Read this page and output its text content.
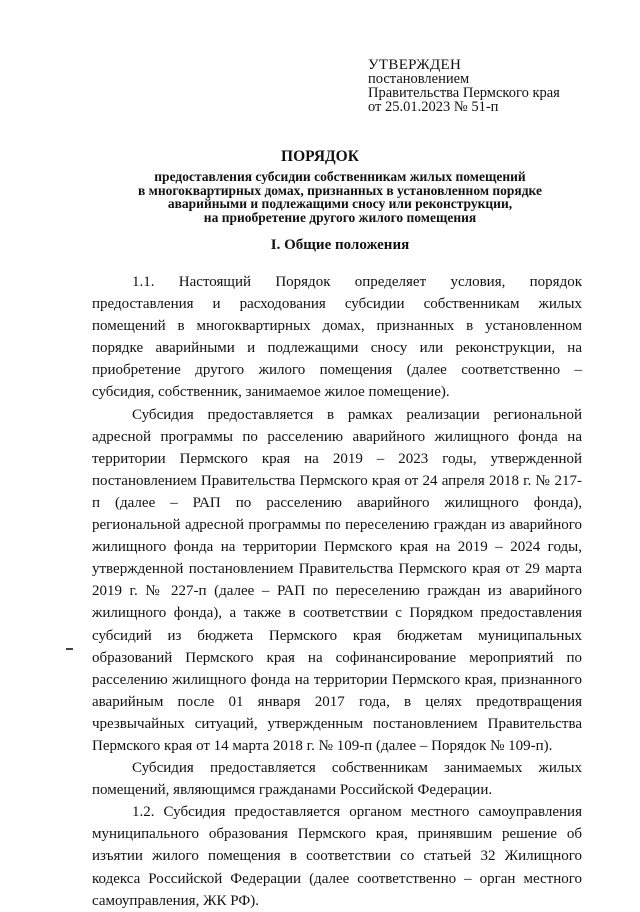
УТВЕРЖДЕН
постановлением
Правительства Пермского края
от 25.01.2023 № 51-п
ПОРЯДОК
предоставления субсидии собственникам жилых помещений
в многоквартирных домах, признанных в установленном порядке
аварийными и подлежащими сносу или реконструкции,
на приобретение другого жилого помещения
I. Общие положения

1.1. Настоящий Порядок определяет условия, порядок предоставления и расходования субсидии собственникам жилых помещений в многоквартирных домах, признанных в установленном порядке аварийными и подлежащими сносу или реконструкции, на приобретение другого жилого помещения (далее соответственно – субсидия, собственник, занимаемое жилое помещение).

Субсидия предоставляется в рамках реализации региональной адресной программы по расселению аварийного жилищного фонда на территории Пермского края на 2019 – 2023 годы, утвержденной постановлением Правительства Пермского края от 24 апреля 2018 г. № 217-п (далее – РАП по расселению аварийного жилищного фонда), региональной адресной программы по переселению граждан из аварийного жилищного фонда на территории Пермского края на 2019 – 2024 годы, утвержденной постановлением Правительства Пермского края от 29 марта 2019 г. № 227-п (далее – РАП по переселению граждан из аварийного жилищного фонда), а также в соответствии с Порядком предоставления субсидий из бюджета Пермского края бюджетам муниципальных образований Пермского края на софинансирование мероприятий по расселению жилищного фонда на территории Пермского края, признанного аварийным после 01 января 2017 года, в целях предотвращения чрезвычайных ситуаций, утвержденным постановлением Правительства Пермского края от 14 марта 2018 г. № 109-п (далее – Порядок № 109-п).

Субсидия предоставляется собственникам занимаемых жилых помещений, являющимся гражданами Российской Федерации.

1.2. Субсидия предоставляется органом местного самоуправления муниципального образования Пермского края, принявшим решение об изъятии жилого помещения в соответствии со статьей 32 Жилищного кодекса Российской Федерации (далее соответственно – орган местного самоуправления, ЖК РФ).
